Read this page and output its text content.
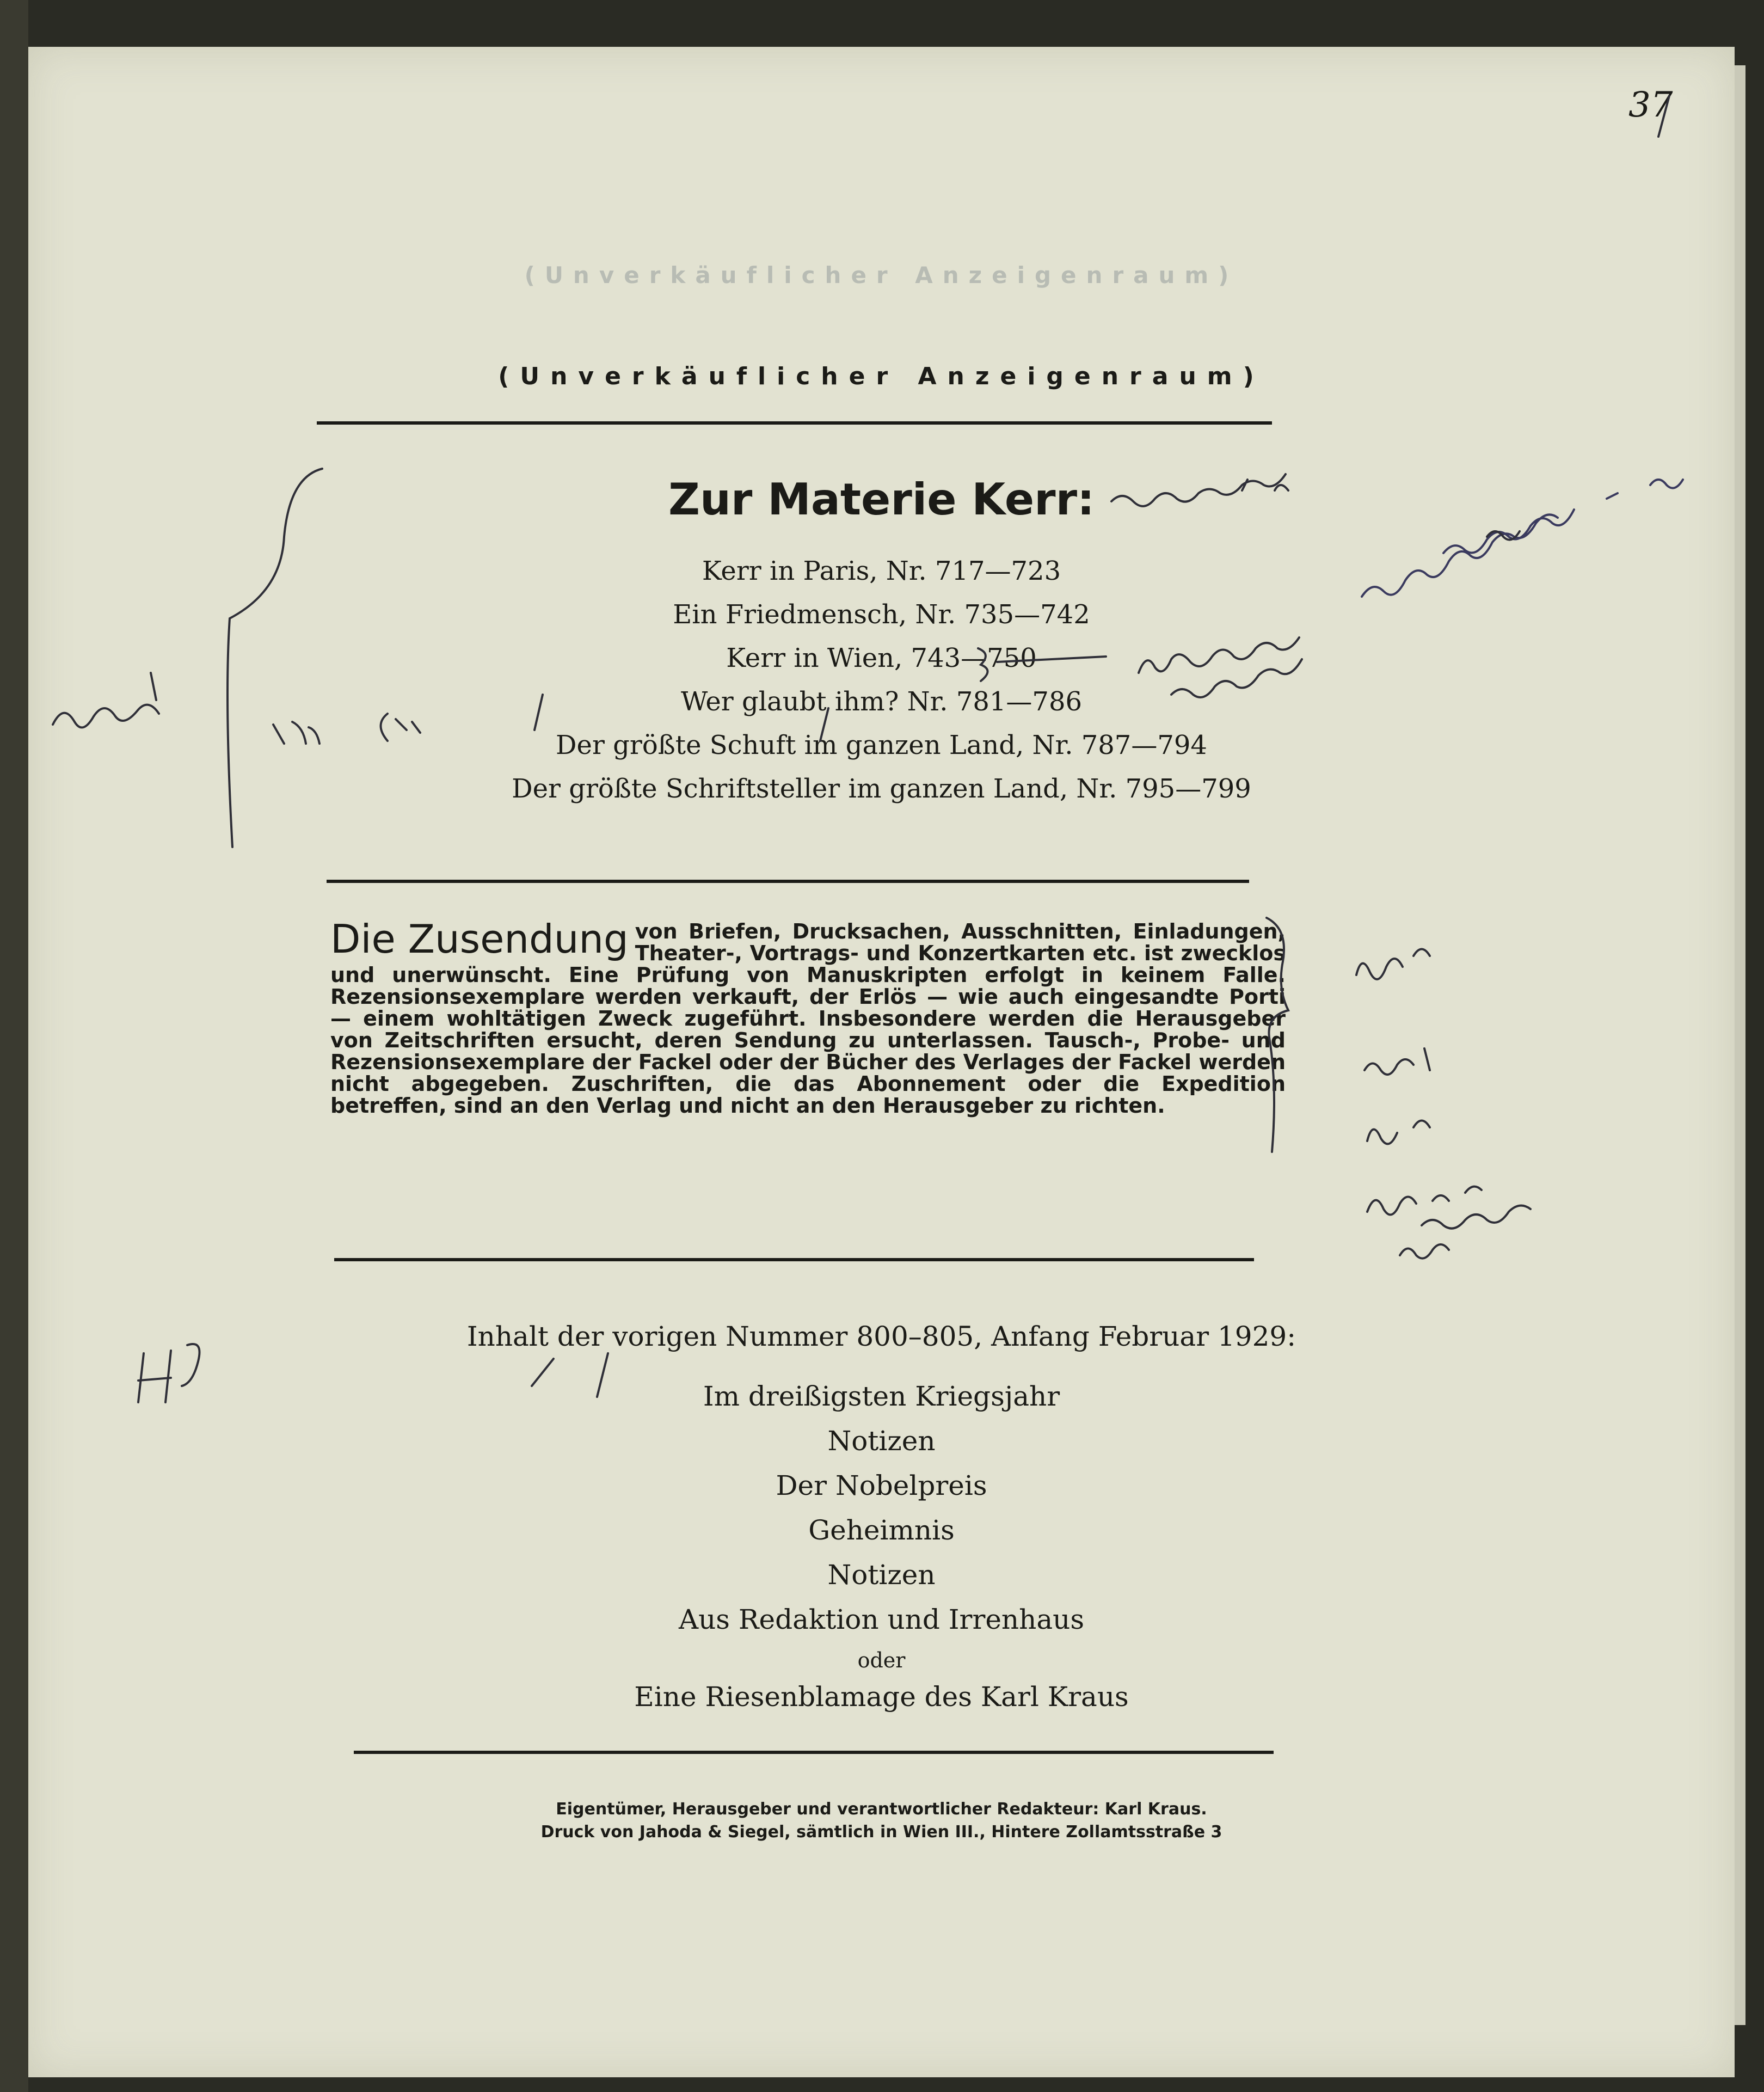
37
(Unverkäuflicher Anzeigenraum)
(Unverkäuflicher Anzeigenraum)
Zur Materie Kerr:
Kerr in Paris, Nr. 717—723
Ein Friedmensch, Nr. 735—742
Kerr in Wien, 743—750
Wer glaubt ihm? Nr. 781—786
Der größte Schuft im ganzen Land, Nr. 787—794
Der größte Schriftsteller im ganzen Land, Nr. 795—799
Die Zusendung von Briefen, Drucksachen, Ausschnitten, Einladungen, Theater-, Vortrags- und Konzertkarten etc. ist zwecklos und unerwünscht. Eine Prüfung von Manuskripten erfolgt in keinem Falle. Rezensionsexemplare werden verkauft, der Erlös — wie auch eingesandte Porti — einem wohltätigen Zweck zugeführt. Insbesondere werden die Herausgeber von Zeitschriften ersucht, deren Sendung zu unterlassen. Tausch-, Probe- und Rezensionsexemplare der Fackel oder der Bücher des Verlages der Fackel werden nicht abgegeben. Zuschriften, die das Abonnement oder die Expedition betreffen, sind an den Verlag und nicht an den Herausgeber zu richten.
Inhalt der vorigen Nummer 800–805, Anfang Februar 1929:
Im dreißigsten Kriegsjahr
Notizen
Der Nobelpreis
Geheimnis
Notizen
Aus Redaktion und Irrenhaus
oder
Eine Riesenblamage des Karl Kraus
Eigentümer, Herausgeber und verantwortlicher Redakteur: Karl Kraus.
Druck von Jahoda & Siegel, sämtlich in Wien III., Hintere Zollamtsstraße 3
